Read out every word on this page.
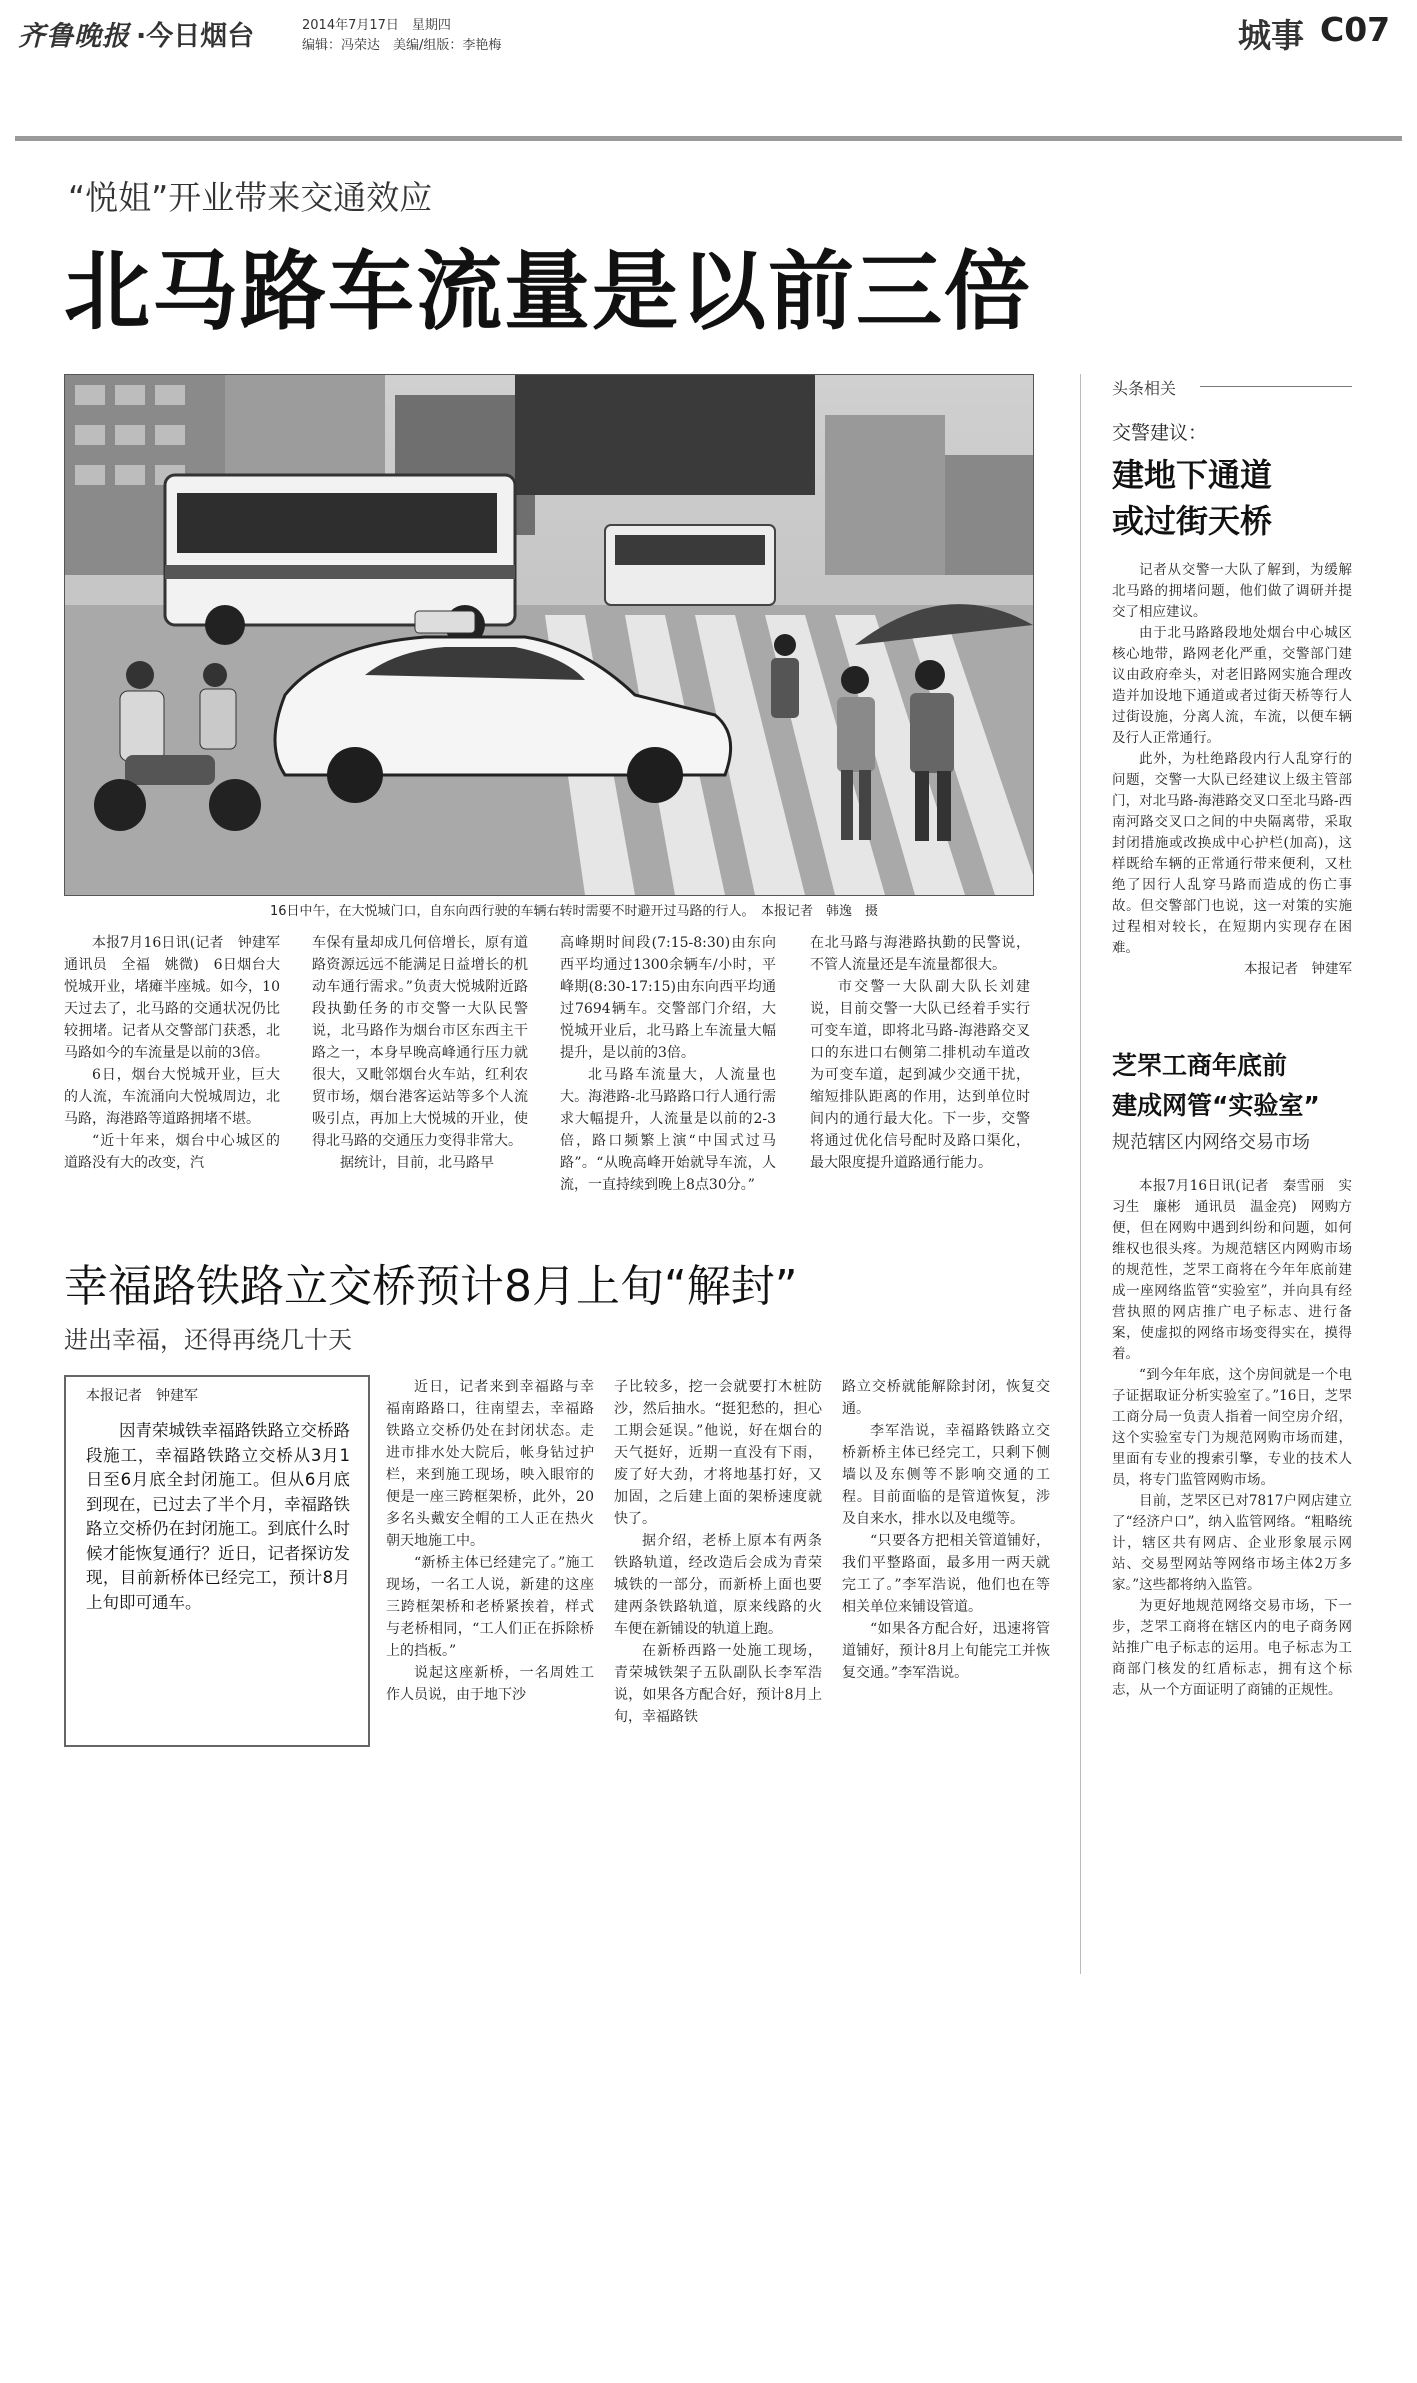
齐鲁晚报 ·今日烟台	2014年7月17日　星期四
编辑：冯荣达　美编/组版：李艳梅	城事 C07
“悦姐”开业带来交通效应
北马路车流量是以前三倍
16日中午，在大悦城门口，自东向西行驶的车辆右转时需要不时避开过马路的行人。　本报记者　韩逸　摄

本报7月16日讯(记者　钟建军　通讯员　全福　姚微)　6日烟台大悦城开业，堵瘫半座城。如今，10天过去了，北马路的交通状况仍比较拥堵。记者从交警部门获悉，北马路如今的车流量是以前的3倍。

6日，烟台大悦城开业，巨大的人流，车流涌向大悦城周边，北马路，海港路等道路拥堵不堪。

“近十年来，烟台中心城区的道路没有大的改变，汽

车保有量却成几何倍增长，原有道路资源远远不能满足日益增长的机动车通行需求。”负责大悦城附近路段执勤任务的市交警一大队民警说，北马路作为烟台市区东西主干路之一，本身早晚高峰通行压力就很大，又毗邻烟台火车站，红利农贸市场，烟台港客运站等多个人流吸引点，再加上大悦城的开业，使得北马路的交通压力变得非常大。

据统计，目前，北马路早

高峰期时间段(7:15-8:30)由东向西平均通过1300余辆车/小时，平峰期(8:30-17:15)由东向西平均通过7694辆车。交警部门介绍，大悦城开业后，北马路上车流量大幅提升，是以前的3倍。

北马路车流量大，人流量也大。海港路-北马路路口行人通行需求大幅提升，人流量是以前的2-3倍，路口频繁上演“中国式过马路”。“从晚高峰开始就导车流，人流，一直持续到晚上8点30分。”

在北马路与海港路执勤的民警说，不管人流量还是车流量都很大。

市交警一大队副大队长刘建说，目前交警一大队已经着手实行可变车道，即将北马路-海港路交叉口的东进口右侧第二排机动车道改为可变车道，起到减少交通干扰，缩短排队距离的作用，达到单位时间内的通行最大化。下一步，交警将通过优化信号配时及路口渠化，最大限度提升道路通行能力。

头条相关
交警建议：
建地下通道
或过街天桥

记者从交警一大队了解到，为缓解北马路的拥堵问题，他们做了调研并提交了相应建议。

由于北马路路段地处烟台中心城区核心地带，路网老化严重，交警部门建议由政府牵头，对老旧路网实施合理改造并加设地下通道或者过街天桥等行人过街设施，分离人流，车流，以便车辆及行人正常通行。

此外，为杜绝路段内行人乱穿行的问题，交警一大队已经建议上级主管部门，对北马路-海港路交叉口至北马路-西南河路交叉口之间的中央隔离带，采取封闭措施或改换成中心护栏(加高)，这样既给车辆的正常通行带来便利，又杜绝了因行人乱穿马路而造成的伤亡事故。但交警部门也说，这一对策的实施过程相对较长，在短期内实现存在困难。

本报记者　钟建军

芝罘工商年底前
建成网管“实验室”
规范辖区内网络交易市场

本报7月16日讯(记者　秦雪丽　实习生　廉彬　通讯员　温金亮)　网购方便，但在网购中遇到纠纷和问题，如何维权也很头疼。为规范辖区内网购市场的规范性，芝罘工商将在今年年底前建成一座网络监管“实验室”，并向具有经营执照的网店推广电子标志、进行备案，使虚拟的网络市场变得实在，摸得着。

“到今年年底，这个房间就是一个电子证据取证分析实验室了。”16日，芝罘工商分局一负责人指着一间空房介绍，这个实验室专门为规范网购市场而建，里面有专业的搜索引擎，专业的技术人员，将专门监管网购市场。

目前，芝罘区已对7817户网店建立了“经济户口”，纳入监管网络。“粗略统计，辖区共有网店、企业形象展示网站、交易型网站等网络市场主体2万多家。”这些都将纳入监管。

为更好地规范网络交易市场，下一步，芝罘工商将在辖区内的电子商务网站推广电子标志的运用。电子标志为工商部门核发的红盾标志，拥有这个标志，从一个方面证明了商铺的正规性。

幸福路铁路立交桥预计8月上旬“解封”
进出幸福，还得再绕几十天
本报记者　钟建军
因青荣城铁幸福路铁路立交桥路段施工，幸福路铁路立交桥从3月1日至6月底全封闭施工。但从6月底到现在，已过去了半个月，幸福路铁路立交桥仍在封闭施工。到底什么时候才能恢复通行？近日，记者探访发现，目前新桥体已经完工，预计8月上旬即可通车。

近日，记者来到幸福路与幸福南路路口，往南望去，幸福路铁路立交桥仍处在封闭状态。走进市排水处大院后，帐身钻过护栏，来到施工现场，映入眼帘的便是一座三跨框架桥，此外，20多名头戴安全帽的工人正在热火朝天地施工中。

“新桥主体已经建完了。”施工现场，一名工人说，新建的这座三跨框架桥和老桥紧挨着，样式与老桥相同，“工人们正在拆除桥上的挡板。”

说起这座新桥，一名周姓工作人员说，由于地下沙

子比较多，挖一会就要打木桩防沙，然后抽水。“挺犯愁的，担心工期会延误。”他说，好在烟台的天气挺好，近期一直没有下雨，废了好大劲，才将地基打好，又加固，之后建上面的架桥速度就快了。

据介绍，老桥上原本有两条铁路轨道，经改造后会成为青荣城铁的一部分，而新桥上面也要建两条铁路轨道，原来线路的火车便在新铺设的轨道上跑。

在新桥西路一处施工现场，青荣城铁架子五队副队长李军浩说，如果各方配合好，预计8月上旬，幸福路铁

路立交桥就能解除封闭，恢复交通。

李军浩说，幸福路铁路立交桥新桥主体已经完工，只剩下侧墙以及东侧等不影响交通的工程。目前面临的是管道恢复，涉及自来水，排水以及电缆等。

“只要各方把相关管道铺好，我们平整路面，最多用一两天就完工了。”李军浩说，他们也在等相关单位来铺设管道。

“如果各方配合好，迅速将管道铺好，预计8月上旬能完工并恢复交通。”李军浩说。
